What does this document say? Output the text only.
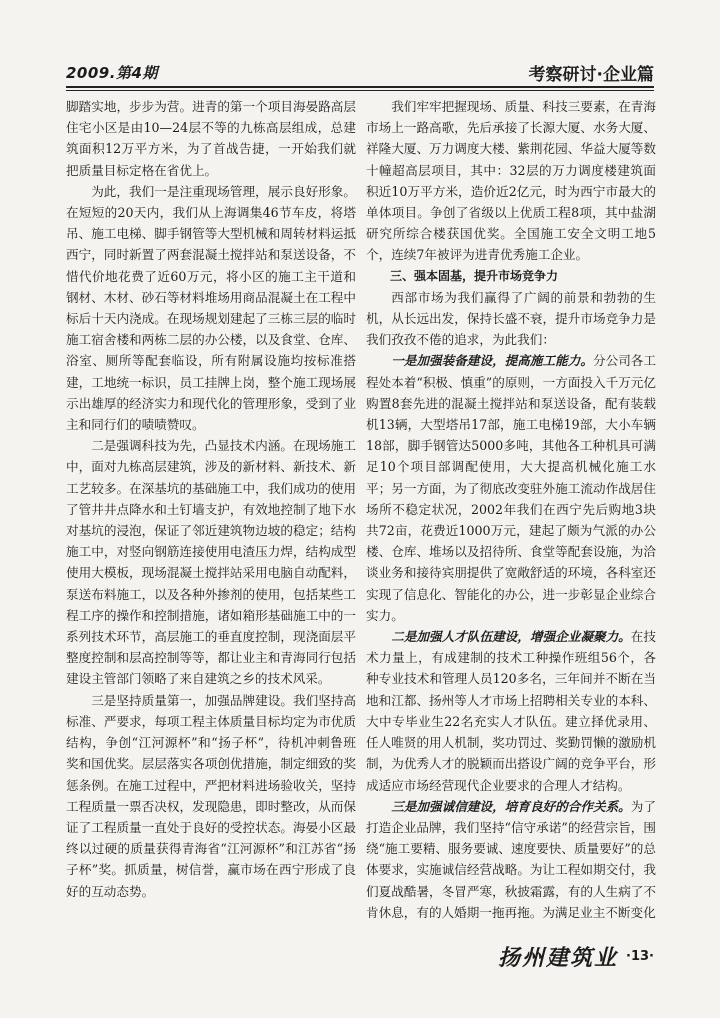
2009.第4期	考察研讨·企业篇

脚踏实地，步步为营。进青的第一个项目海晏路高层住宅小区是由10—24层不等的九栋高层组成，总建筑面积12万平方米，为了首战告捷，一开始我们就把质量目标定格在省优上。

为此，我们一是注重现场管理，展示良好形象。在短短的20天内，我们从上海调集46节车皮，将塔吊、施工电梯、脚手钢管等大型机械和周转材料运抵西宁，同时新置了两套混凝土搅拌站和泵送设备，不惜代价地花费了近60万元，将小区的施工主干道和钢材、木材、砂石等材料堆场用商品混凝土在工程中标后十天内浇成。在现场规划建起了三栋三层的临时施工宿舍楼和两栋二层的办公楼，以及食堂、仓库、浴室、厕所等配套临设，所有附属设施均按标准搭建，工地统一标识，员工挂牌上岗，整个施工现场展示出雄厚的经济实力和现代化的管理形象，受到了业主和同行们的啧啧赞叹。

二是强调科技为先，凸显技术内涵。在现场施工中，面对九栋高层建筑，涉及的新材料、新技术、新工艺较多。在深基坑的基础施工中，我们成功的使用了管井井点降水和土钉墙支护，有效地控制了地下水对基坑的浸泡，保证了邻近建筑物边坡的稳定；结构施工中，对竖向钢筋连接使用电渣压力焊，结构成型使用大模板，现场混凝土搅拌站采用电脑自动配料，泵送布料施工，以及各种外掺剂的使用，包括某些工程工序的操作和控制措施，诸如箱形基础施工中的一系列技术环节，高层施工的垂直度控制，现浇面层平整度控制和层高控制等等，都让业主和青海同行包括建设主管部门领略了来自建筑之乡的技术风采。

三是坚持质量第一，加强品牌建设。我们坚持高标准、严要求，每项工程主体质量目标均定为市优质结构，争创“江河源杯”和“扬子杯”，待机冲刺鲁班奖和国优奖。层层落实各项创优措施，制定细致的奖惩条例。在施工过程中，严把材料进场验收关，坚持工程质量一票否决权，发现隐患，即时整改，从而保证了工程质量一直处于良好的受控状态。海晏小区最终以过硬的质量获得青海省“江河源杯”和江苏省“扬子杯”奖。抓质量，树信誉，赢市场在西宁形成了良好的互动态势。

我们牢牢把握现场、质量、科技三要素，在青海市场上一路高歌，先后承接了长源大厦、水务大厦、祥隆大厦、万力调度大楼、紫荆花园、华益大厦等数十幢超高层项目，其中：32层的万力调度楼建筑面积近10万平方米，造价近2亿元，时为西宁市最大的单体项目。争创了省级以上优质工程8项，其中盐湖研究所综合楼获国优奖。全国施工安全文明工地5个，连续7年被评为进青优秀施工企业。

三、强本固基，提升市场竞争力

西部市场为我们赢得了广阔的前景和勃勃的生机，从长远出发，保持长盛不衰，提升市场竞争力是我们孜孜不倦的追求，为此我们：

一是加强装备建设，提高施工能力。分公司各工程处本着“积极、慎重”的原则，一方面投入千万元亿购置8套先进的混凝土搅拌站和泵送设备，配有装载机13辆，大型塔吊17部，施工电梯19部，大小车辆18部，脚手钢管达5000多吨，其他各工种机具可满足10个项目部调配使用，大大提高机械化施工水平；另一方面，为了彻底改变驻外施工流动作战居住场所不稳定状况，2002年我们在西宁先后购地3块共72亩，花费近1000万元，建起了颇为气派的办公楼、仓库、堆场以及招待所、食堂等配套设施，为洽谈业务和接待宾朋提供了宽敞舒适的环境，各科室还实现了信息化、智能化的办公，进一步彰显企业综合实力。

二是加强人才队伍建设，增强企业凝聚力。在技术力量上，有成建制的技术工种操作班组56个，各种专业技术和管理人员120多名，三年间并不断在当地和江都、扬州等人才市场上招聘相关专业的本科、大中专毕业生22名充实人才队伍。建立择优录用、任人唯贤的用人机制，奖功罚过、奖勤罚懒的激励机制，为优秀人才的脱颖而出搭设广阔的竞争平台，形成适应市场经营现代企业要求的合理人才结构。

三是加强诚信建设，培育良好的合作关系。为了打造企业品牌，我们坚持“信守承诺”的经营宗旨，围绕“施工要精、服务要诚、速度要快、质量要好”的总体要求，实施诚信经营战略。为让工程如期交付，我们夏战酷暑，冬冒严寒，秋披霜露，有的人生病了不肯休息，有的人婚期一拖再拖。为满足业主不断变化

扬州建筑业 ·13·
